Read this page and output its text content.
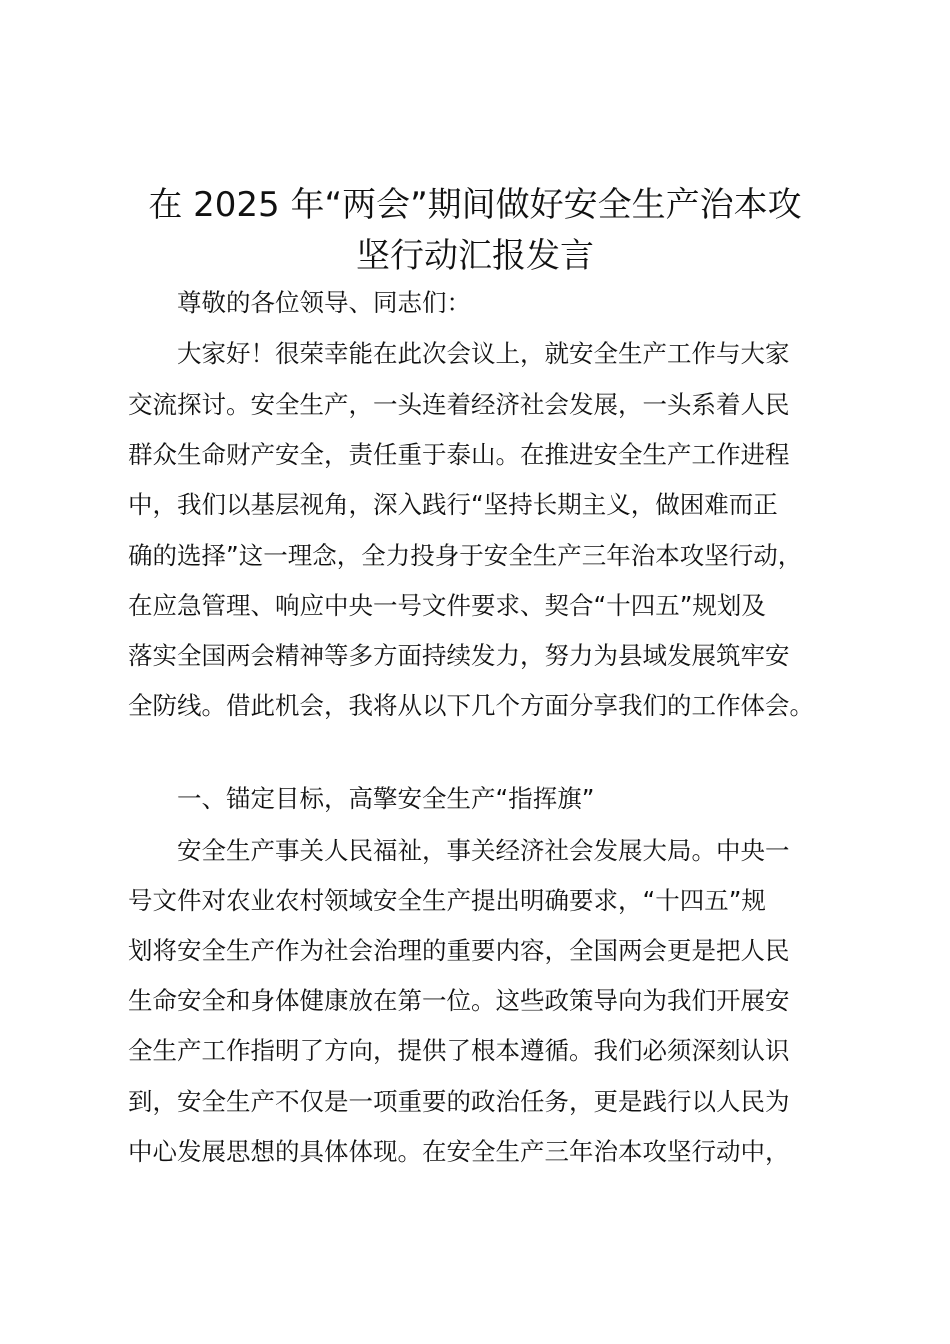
在 2025 年“两会”期间做好安全生产治本攻
坚行动汇报发言

尊敬的各位领导、同志们：

大家好！很荣幸能在此次会议上，就安全生产工作与大家

交流探讨。安全生产，一头连着经济社会发展，一头系着人民

群众生命财产安全，责任重于泰山。在推进安全生产工作进程

中，我们以基层视角，深入践行“坚持长期主义，做困难而正

确的选择”这一理念，全力投身于安全生产三年治本攻坚行动，

在应急管理、响应中央一号文件要求、契合“十四五”规划及

落实全国两会精神等多方面持续发力，努力为县域发展筑牢安

全防线。借此机会，我将从以下几个方面分享我们的工作体会。

一、锚定目标，高擎安全生产“指挥旗”

安全生产事关人民福祉，事关经济社会发展大局。中央一

号文件对农业农村领域安全生产提出明确要求，“十四五”规

划将安全生产作为社会治理的重要内容，全国两会更是把人民

生命安全和身体健康放在第一位。这些政策导向为我们开展安

全生产工作指明了方向，提供了根本遵循。我们必须深刻认识

到，安全生产不仅是一项重要的政治任务，更是践行以人民为

中心发展思想的具体体现。在安全生产三年治本攻坚行动中，
